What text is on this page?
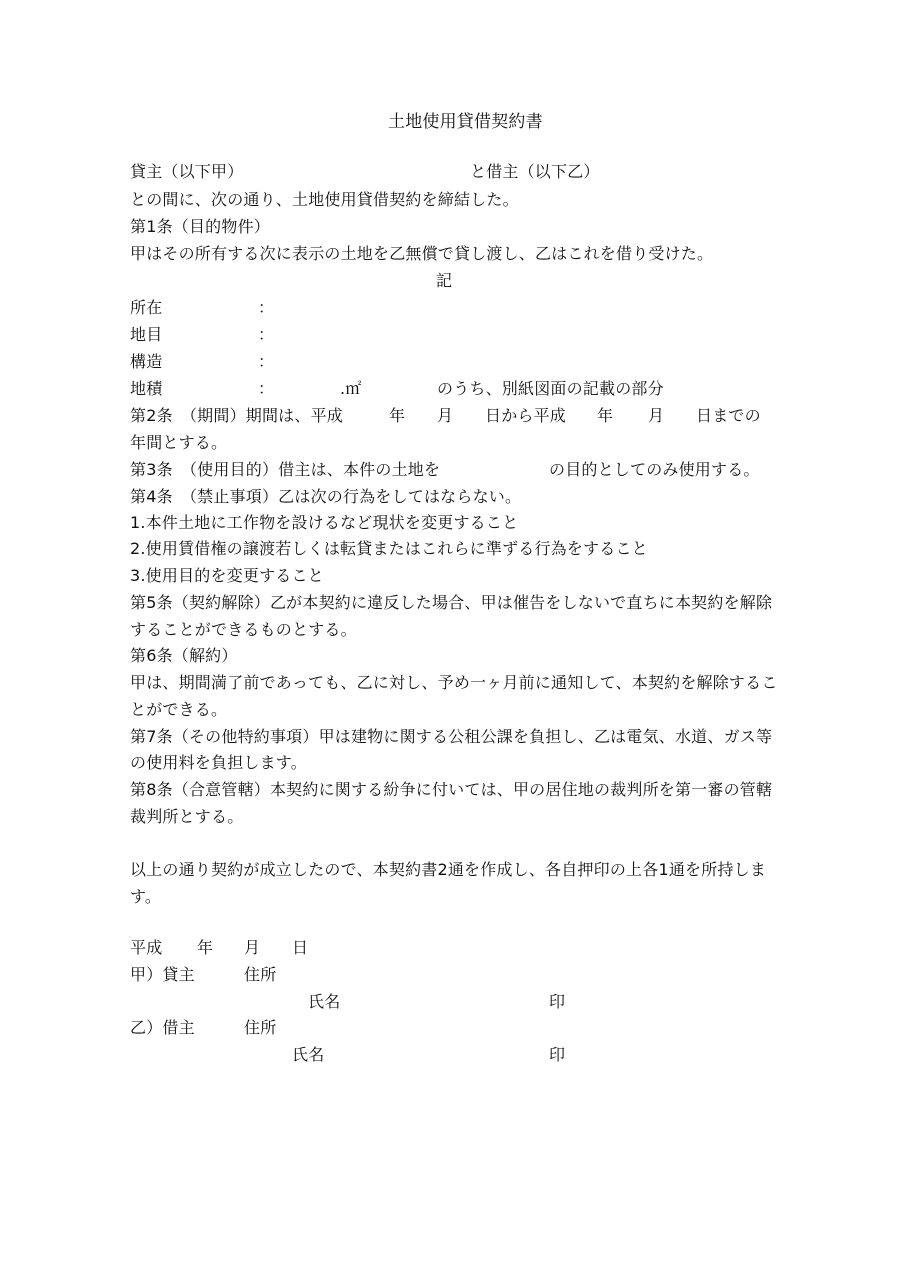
土地使用貸借契約書
貸主（以下甲）	と借主（以下乙）
との間に、次の通り、土地使用貸借契約を締結した。
第1条（目的物件）
甲はその所有する次に表示の土地を乙無償で貸し渡し、乙はこれを借り受けた。
記
所在	：
地目	：
構造	：
地積	：	.㎡	のうち、別紙図面の記載の部分
第2条　（期間）期間は、平成	年 月 日から平成 年 月 日までの
年間とする。
第3条　（使用目的）借主は、本件の土地を	の目的としてのみ使用する。
第4条　（禁止事項）乙は次の行為をしてはならない。
1.本件土地に工作物を設けるなど現状を変更すること
2.使用賃借権の譲渡若しくは転貸またはこれらに準ずる行為をすること
3.使用目的を変更すること
第5条（契約解除）乙が本契約に違反した場合、甲は催告をしないで直ちに本契約を解除
することができるものとする。
第6条（解約）
甲は、期間満了前であっても、乙に対し、予め一ヶ月前に通知して、本契約を解除するこ
とができる。
第7条（その他特約事項）甲は建物に関する公租公課を負担し、乙は電気、水道、ガス等
の使用料を負担します。
第8条（合意管轄）本契約に関する紛争に付いては、甲の居住地の裁判所を第一審の管轄
裁判所とする。
以上の通り契約が成立したので、本契約書2通を作成し、各自押印の上各1通を所持しま
す。
平成 年 月 日
甲）貸主	住所
氏名	印
乙）借主	住所
氏名	印
